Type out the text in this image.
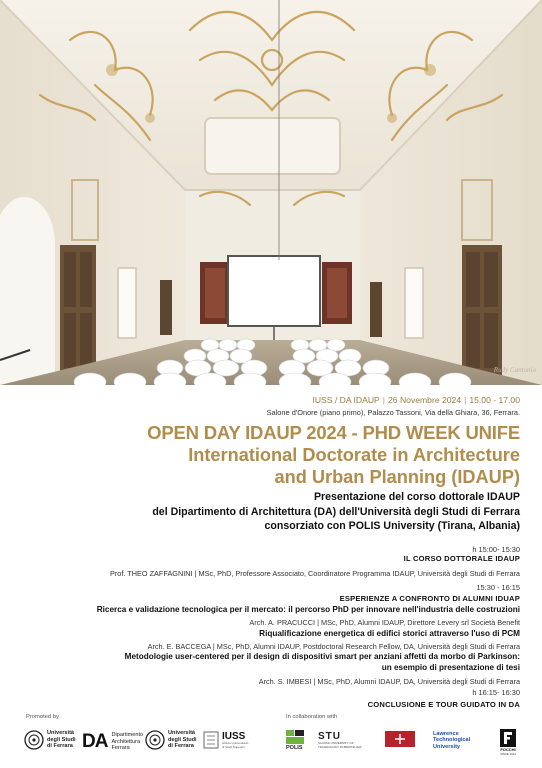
Rudy Cantonio
IUSS / DA IDAUP | 26 Novembre 2024 | 15.00 - 17.00
Salone d'Onore (piano primo), Palazzo Tassoni, Via della Ghiara, 36, Ferrara.
OPEN DAY IDAUP 2024 - PHD WEEK UNIFE
International Doctorate in Architecture
and Urban Planning (IDAUP)
Presentazione del corso dottorale IDAUP
del Dipartimento di Architettura (DA) dell'Università degli Studi di Ferrara
consorziato con POLIS University (Tirana, Albania)
h 15:00- 15:30
IL CORSO DOTTORALE IDAUP
Prof. THEO ZAFFAGNINI | MSc, PhD, Professore Associato, Coordinatore Programma IDAUP, Università degli Studi di Ferrara
15:30 - 16:15
ESPERIENZE A CONFRONTO DI ALUMNI IDUAP
Ricerca e validazione tecnologica per il mercato: il percorso PhD per innovare nell'industria delle costruzioni
Arch. A. PRACUCCI | MSc, PhD, Alumni IDAUP, Direttore Levery srl Società Benefit
Riqualificazione energetica di edifici storici attraverso l'uso di PCM
Arch. E. BACCEGA | MSc, PhD, Alumni IDAUP, Postdoctoral Research Fellow, DA, Università degli Studi di Ferrara
Metodologie user-centered per il design di dispositivi smart per anziani affetti da morbo di Parkinson:
un esempio di presentazione di tesi
Arch. S. IMBESI | MSc, PhD, Alumni IDAUP, DA, Università degli Studi di Ferrara
h 16:15- 16:30
CONCLUSIONE E TOUR GUIDATO IN DA
Promoted by	In collaboration with
Università
degli Studi
di Ferrara DA Dipartimento
Architettura
Ferrara
Università
degli Studi
di Ferrara
IUSS
Istituto Universitario
di Studi Superiori	POLIS
STU
SLOVAK UNIVERSITY OF
TECHNOLOGY IN BRATISLAVA
Lawrence
Technological
University	FOCCHI
SINCE 1914
